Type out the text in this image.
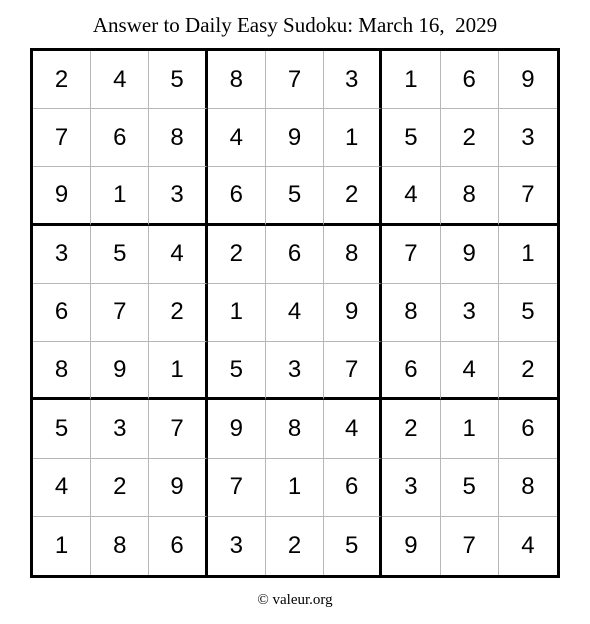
Answer to Daily Easy Sudoku: March 16,  2029
2	4	5	8	7	3	1	6	9
7	6	8	4	9	1	5	2	3
9	1	3	6	5	2	4	8	7
3	5	4	2	6	8	7	9	1
6	7	2	1	4	9	8	3	5
8	9	1	5	3	7	6	4	2
5	3	7	9	8	4	2	1	6
4	2	9	7	1	6	3	5	8
1	8	6	3	2	5	9	7	4
© valeur.org
